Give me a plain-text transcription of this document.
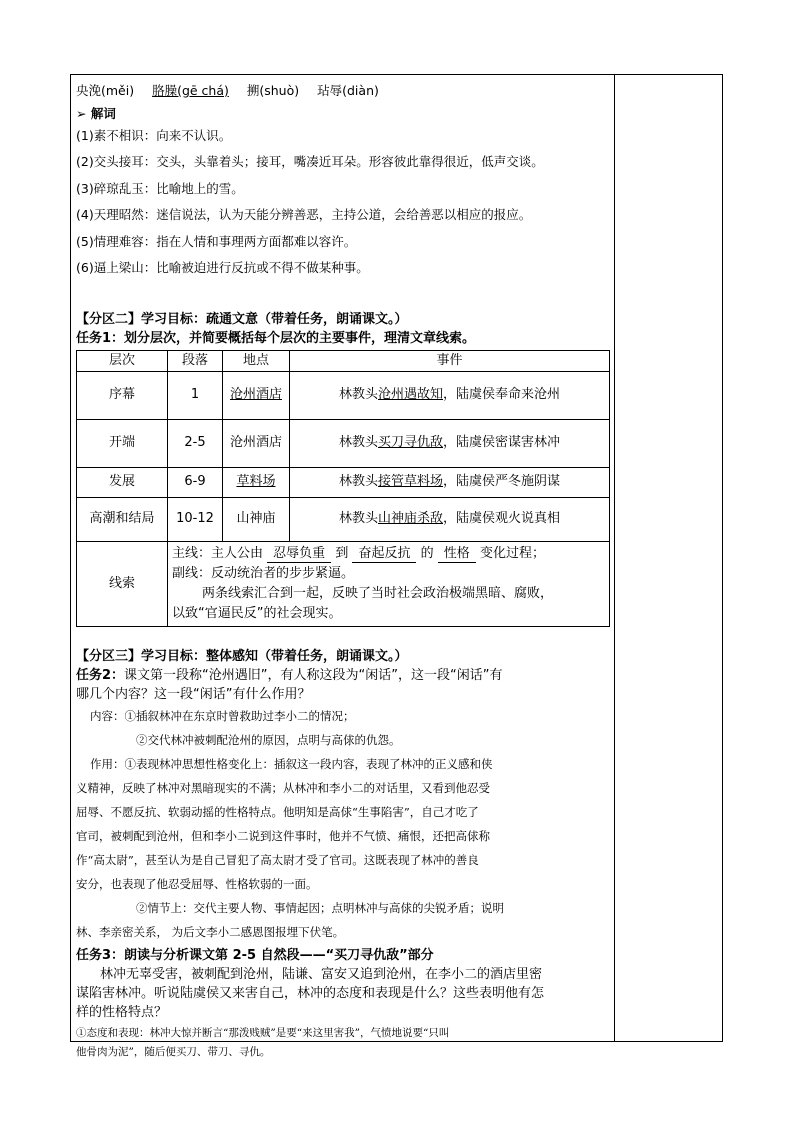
央浼(měi) 胳臊(gē chá) 搠(shuò) 玷辱(diàn)
➢ 解词
(1)素不相识：向来不认识。
(2)交头接耳：交头，头靠着头；接耳，嘴凑近耳朵。形容彼此靠得很近，低声交谈。
(3)碎琼乱玉：比喻地上的雪。
(4)天理昭然：迷信说法，认为天能分辨善恶，主持公道，会给善恶以相应的报应。
(5)情理难容：指在人情和事理两方面都难以容许。
(6)逼上梁山：比喻被迫进行反抗或不得不做某种事。
【分区二】学习目标：疏通文意（带着任务，朗诵课文。）
任务1：划分层次，并简要概括每个层次的主要事件，理清文章线索。
层次	段落	地点	事件
序幕	1	沧州酒店	林教头沧州遇故知，陆虞侯奉命来沧州
开端	2-5	沧州酒店	林教头买刀寻仇敌，陆虞侯密谋害林冲
发展	6-9	草料场	林教头接管草料场，陆虞侯严冬施阴谋
高潮和结局	10-12	山神庙	林教头山神庙杀敌，陆虞侯观火说真相
线索	主线：主人公由 忍辱负重 到 奋起反抗 的 性格 变化过程；
副线：反动统治者的步步紧逼。
两条线索汇合到一起，反映了当时社会政治极端黑暗、腐败，
以致“官逼民反”的社会现实。		
【分区三】学习目标：整体感知（带着任务，朗诵课文。）
任务2：课文第一段称“沧州遇旧”，有人称这段为“闲话”，这一段“闲话”有
哪几个内容？这一段“闲话”有什么作用？
内容：①插叙林冲在东京时曾救助过李小二的情况；
②交代林冲被刺配沧州的原因，点明与高俅的仇怨。
作用：①表现林冲思想性格变化上：插叙这一段内容，表现了林冲的正义感和侠
义精神，反映了林冲对黑暗现实的不满；从林冲和李小二的对话里，又看到他忍受
屈辱、不愿反抗、软弱动摇的性格特点。他明知是高俅“生事陷害”，自己才吃了
官司，被刺配到沧州，但和李小二说到这件事时，他并不气愤、痛恨，还把高俅称
作“高太尉”，甚至认为是自己冒犯了高太尉才受了官司。这既表现了林冲的善良
安分，也表现了他忍受屈辱、性格软弱的一面。
②情节上：交代主要人物、事情起因；点明林冲与高俅的尖锐矛盾；说明
林、李亲密关系， 为后文李小二感恩图报埋下伏笔。
任务3：朗读与分析课文第 2-5 自然段——“买刀寻仇敌”部分
林冲无辜受害，被刺配到沧州，陆谦、富安又追到沧州，在李小二的酒店里密
谋陷害林冲。听说陆虞侯又来害自己，林冲的态度和表现是什么？这些表明他有怎
样的性格特点？
①态度和表现：林冲大惊并断言“那泼贱贼”是要“来这里害我”，气愤地说要“只叫
他骨肉为泥”，随后便买刀、带刀、寻仇。
